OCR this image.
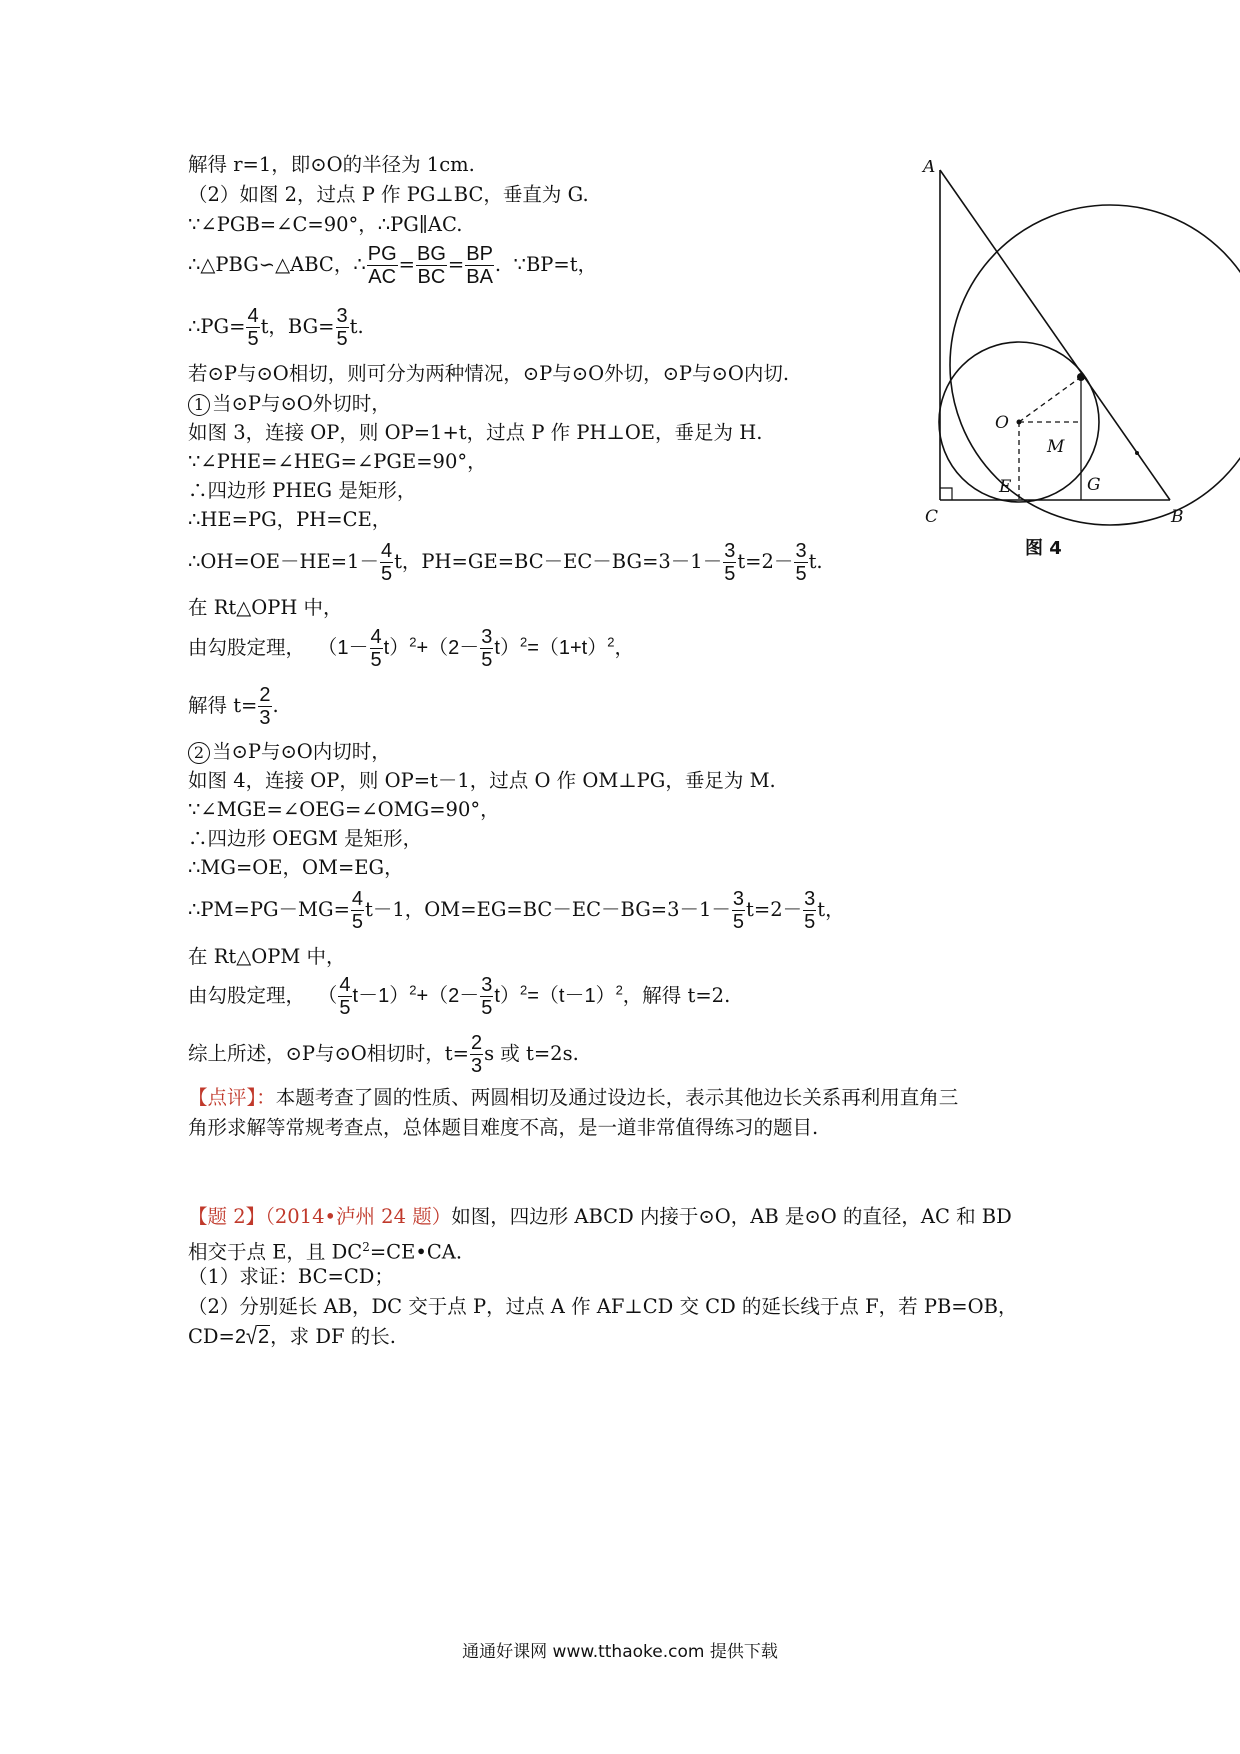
解得 r=1，即⊙O的半径为 1cm.
（2）如图 2，过点 P 作 PG⊥BC，垂直为 G.
∵∠PGB=∠C=90°，∴PG∥AC.
∴△PBG∽△ABC，∴ $\frac{PG}{AC} = \frac{BG}{BC} = \frac{BP}{BA}$ .  ∵BP=t，
∴PG= $\frac{4}{5}$ t，$BG= \frac{3}{5} t$.
若⊙P与⊙O相切，则可分为两种情况，⊙P与⊙O外切，⊙P与⊙O内切.
1 当⊙P与⊙O外切时，
如图 3，连接 OP，则 OP=1+t，过点 P 作 PH⊥OE，垂足为 H.
∵∠PHE=∠HEG=∠PGE=90°，
∴四边形 PHEG 是矩形，
∴HE=PG，PH=CE，
∴OH=OE－HE=1－ $\frac{4}{5}$ t，$PH=GE=BC-EC-BG=3-1- \frac{3}{5} t=2- \frac{3}{5} t$.
在 Rt△OPH 中，
由勾股定理， $(1- \frac{4}{5} t)^2+(2- \frac{3}{5} t)^2=(1+t)^2$，
解得 $t= \frac{2}{3}$ .
2 当⊙P与⊙O内切时，
如图 4，连接 OP，则 OP=t－1，过点 O 作 OM⊥PG，垂足为 M.
∵∠MGE=∠OEG=∠OMG=90°，
∴四边形 OEGM 是矩形，
∴MG=OE，OM=EG，
∴PM=PG－MG= $\frac{4}{5} t-1$，$OM=EG=BC-EC-BG=3-1- \frac{3}{5} t=2- \frac{3}{5}$ t，
在 Rt△OPM 中，
由勾股定理， （ $\frac{4}{5} t-1)^2+(2- \frac{3}{5} t)^2=(t-1)^2$，解得 t=2.
综上所述，⊙P与⊙O相切时，$t= \frac{2}{3}$ s 或 t=2s.
【点评】：本题考查了圆的性质、两圆相切及通过设边长，表示其他边长关系再利用直角三
角形求解等常规考查点，总体题目难度不高，是一道非常值得练习的题目.
【题 2】（2014•泸州 24 题）如图，四边形 ABCD 内接于⊙O，AB 是⊙O 的直径，AC 和 BD
相交于点 E，且 $DC^2=CE•CA$.
（1）求证：BC=CD；
（2）分别延长 AB，DC 交于点 P，过点 A 作 AF⊥CD 交 CD 的延长线于点 F，若 PB=OB，
CD=2√2，求 DF 的长.
A
B
C
O
M
E	G
图 4
通通好课网 www.tthaoke.com 提供下载
